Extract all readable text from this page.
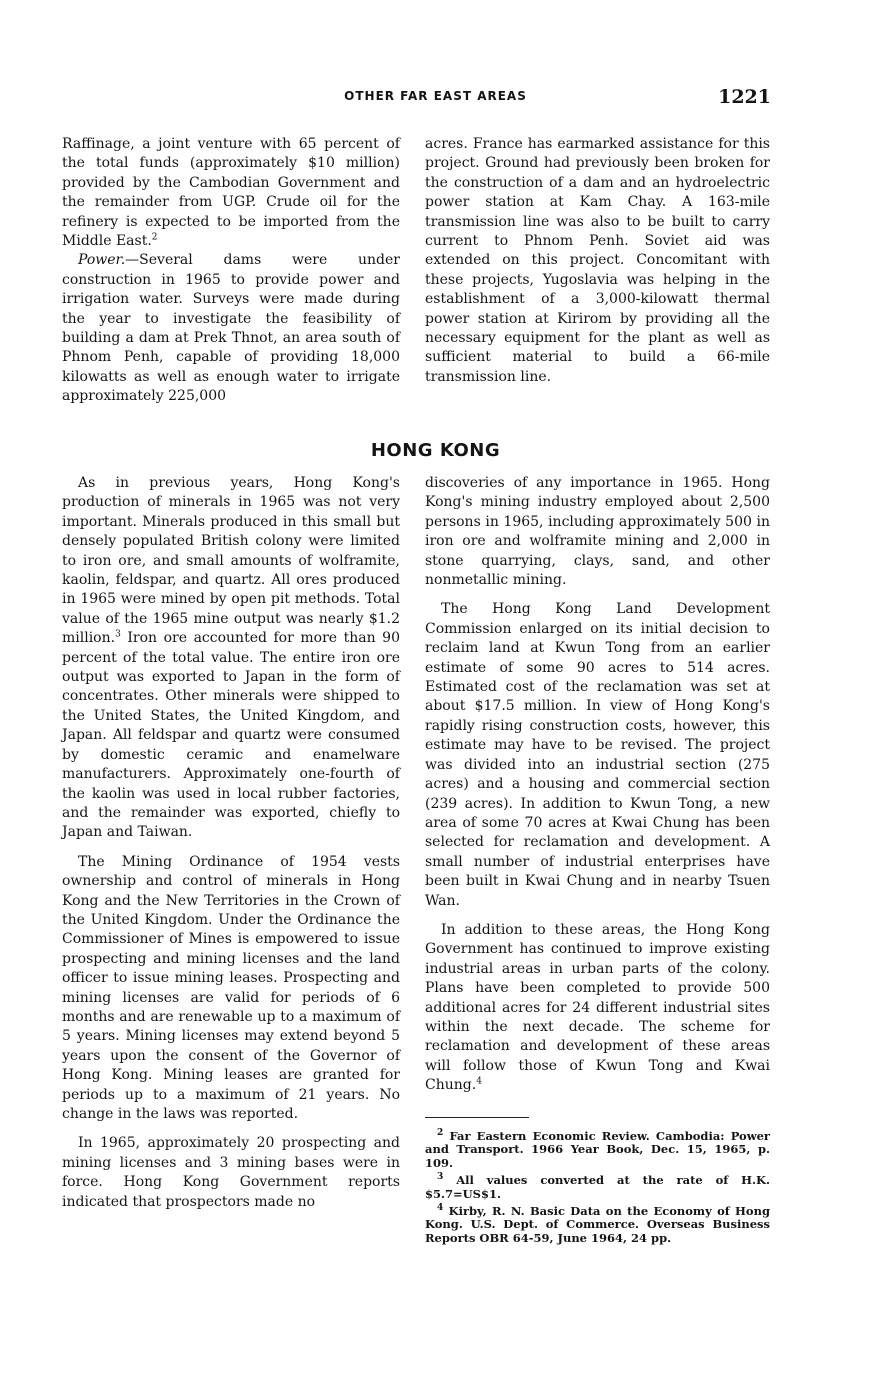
OTHER FAR EAST AREAS	1221

Raffinage, a joint venture with 65 percent of the total funds (approximately $10 million) provided by the Cambodian Government and the remainder from UGP. Crude oil for the refinery is expected to be imported from the Middle East.$^2$

Power.—Several dams were under construction in 1965 to provide power and irrigation water. Surveys were made during the year to investigate the feasibility of building a dam at Prek Thnot, an area south of Phnom Penh, capable of providing 18,000 kilowatts as well as enough water to irrigate approximately 225,000

acres. France has earmarked assistance for this project. Ground had previously been broken for the construction of a dam and an hydroelectric power station at Kam Chay. A 163-mile transmission line was also to be built to carry current to Phnom Penh. Soviet aid was extended on this project. Concomitant with these projects, Yugoslavia was helping in the establishment of a 3,000-kilowatt thermal power station at Kirirom by providing all the necessary equipment for the plant as well as sufficient material to build a 66-mile transmission line.

HONG KONG

As in previous years, Hong Kong's production of minerals in 1965 was not very important. Minerals produced in this small but densely populated British colony were limited to iron ore, and small amounts of wolframite, kaolin, feldspar, and quartz. All ores produced in 1965 were mined by open pit methods. Total value of the 1965 mine output was nearly $1.2 million.$^3$ Iron ore accounted for more than 90 percent of the total value. The entire iron ore output was exported to Japan in the form of concentrates. Other minerals were shipped to the United States, the United Kingdom, and Japan. All feldspar and quartz were consumed by domestic ceramic and enamelware manufacturers. Approximately one-fourth of the kaolin was used in local rubber factories, and the remainder was exported, chiefly to Japan and Taiwan.

The Mining Ordinance of 1954 vests ownership and control of minerals in Hong Kong and the New Territories in the Crown of the United Kingdom. Under the Ordinance the Commissioner of Mines is empowered to issue prospecting and mining licenses and the land officer to issue mining leases. Prospecting and mining licenses are valid for periods of 6 months and are renewable up to a maximum of 5 years. Mining licenses may extend beyond 5 years upon the consent of the Governor of Hong Kong. Mining leases are granted for periods up to a maximum of 21 years. No change in the laws was reported.

In 1965, approximately 20 prospecting and mining licenses and 3 mining bases were in force. Hong Kong Government reports indicated that prospectors made no

discoveries of any importance in 1965. Hong Kong's mining industry employed about 2,500 persons in 1965, including approximately 500 in iron ore and wolframite mining and 2,000 in stone quarrying, clays, sand, and other nonmetallic mining.

The Hong Kong Land Development Commission enlarged on its initial decision to reclaim land at Kwun Tong from an earlier estimate of some 90 acres to 514 acres. Estimated cost of the reclamation was set at about $17.5 million. In view of Hong Kong's rapidly rising construction costs, however, this estimate may have to be revised. The project was divided into an industrial section (275 acres) and a housing and commercial section (239 acres). In addition to Kwun Tong, a new area of some 70 acres at Kwai Chung has been selected for reclamation and development. A small number of industrial enterprises have been built in Kwai Chung and in nearby Tsuen Wan.

In addition to these areas, the Hong Kong Government has continued to improve existing industrial areas in urban parts of the colony. Plans have been completed to provide 500 additional acres for 24 different industrial sites within the next decade. The scheme for reclamation and development of these areas will follow those of Kwun Tong and Kwai Chung.$^4$

$^2$ Far Eastern Economic Review. Cambodia: Power and Transport. 1966 Year Book, Dec. 15, 1965, p. 109.

$^3$ All values converted at the rate of H.K. $5.7=US$1.

$^4$ Kirby, R. N. Basic Data on the Economy of Hong Kong. U.S. Dept. of Commerce. Overseas Business Reports OBR 64-59, June 1964, 24 pp.
